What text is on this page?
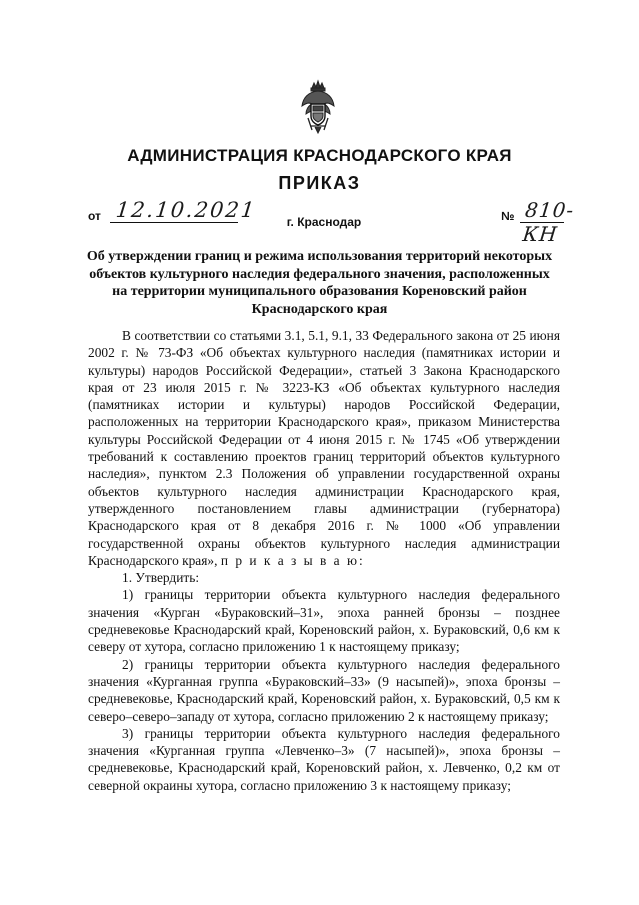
АДМИНИСТРАЦИЯ КРАСНОДАРСКОГО КРАЯ
ПРИКАЗ
от 12.10.2021	г. Краснодар	№ 810-КН
Об утверждении границ и режима использования территорий некоторых объектов культурного наследия федерального значения, расположенных на территории муниципального образования Кореновский район Краснодарского края

В соответствии со статьями 3.1, 5.1, 9.1, 33 Федерального закона от 25 июня 2002 г. № 73-ФЗ «Об объектах культурного наследия (памятниках истории и культуры) народов Российской Федерации», статьей 3 Закона Краснодарского края от 23 июля 2015 г. № 3223-КЗ «Об объектах культурного наследия (памятниках истории и культуры) народов Российской Федерации, расположенных на территории Краснодарского края», приказом Министерства культуры Российской Федерации от 4 июня 2015 г. № 1745 «Об утверждении требований к составлению проектов границ территорий объектов культурного наследия», пунктом 2.3 Положения об управлении государственной охраны объектов культурного наследия администрации Краснодарского края, утвержденного постановлением главы администрации (губернатора) Краснодарского края от 8 декабря 2016 г. № 1000 «Об управлении государственной охраны объектов культурного наследия администрации Краснодарского края», п р и к а з ы в а ю:

1. Утвердить:

1) границы территории объекта культурного наследия федерального значения «Курган «Бураковский–31», эпоха ранней бронзы – позднее средневековье Краснодарский край, Кореновский район, х. Бураковский, 0,6 км к северу от хутора, согласно приложению 1 к настоящему приказу;

2) границы территории объекта культурного наследия федерального значения «Курганная группа «Бураковский–33» (9 насыпей)», эпоха бронзы – средневековье, Краснодарский край, Кореновский район, х. Бураковский, 0,5 км к северо–северо–западу от хутора, согласно приложению 2 к настоящему приказу;

3) границы территории объекта культурного наследия федерального значения «Курганная группа «Левченко–3» (7 насыпей)», эпоха бронзы – средневековье, Краснодарский край, Кореновский район, х. Левченко, 0,2 км от северной окраины хутора, согласно приложению 3 к настоящему приказу;
